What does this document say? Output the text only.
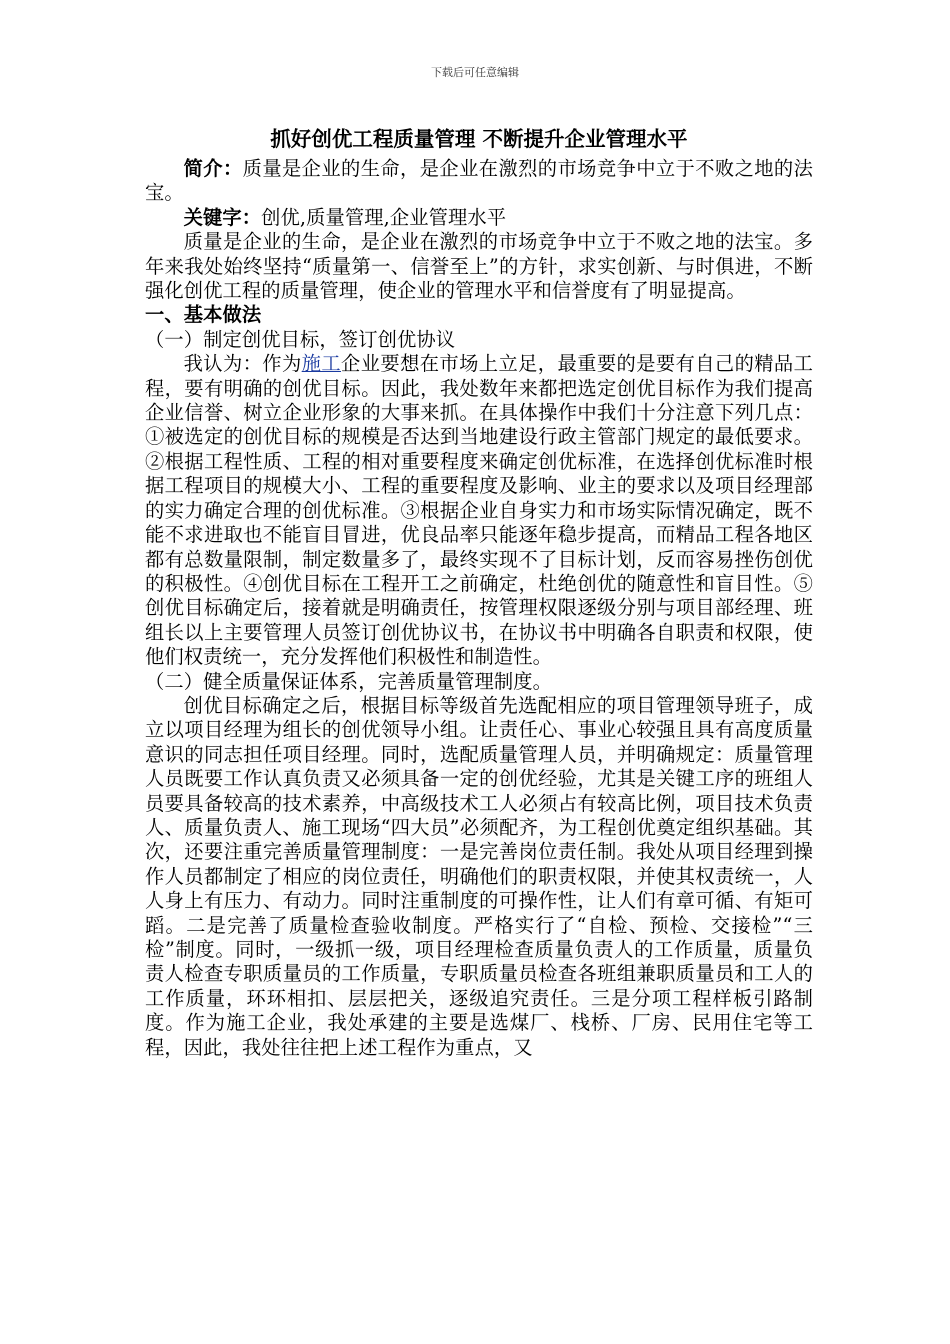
下载后可任意编辑
抓好创优工程质量管理 不断提升企业管理水平

简介：质量是企业的生命，是企业在激烈的市场竞争中立于不败之地的法宝。

关键字：创优,质量管理,企业管理水平

质量是企业的生命，是企业在激烈的市场竞争中立于不败之地的法宝。多年来我处始终坚持“质量第一、信誉至上”的方针，求实创新、与时俱进，不断强化创优工程的质量管理，使企业的管理水平和信誉度有了明显提高。

一、基本做法

（一）制定创优目标，签订创优协议

我认为：作为施工企业要想在市场上立足，最重要的是要有自己的精品工程，要有明确的创优目标。因此，我处数年来都把选定创优目标作为我们提高企业信誉、树立企业形象的大事来抓。在具体操作中我们十分注意下列几点：①被选定的创优目标的规模是否达到当地建设行政主管部门规定的最低要求。②根据工程性质、工程的相对重要程度来确定创优标准，在选择创优标准时根据工程项目的规模大小、工程的重要程度及影响、业主的要求以及项目经理部的实力确定合理的创优标准。③根据企业自身实力和市场实际情况确定，既不能不求进取也不能盲目冒进，优良品率只能逐年稳步提高，而精品工程各地区都有总数量限制，制定数量多了，最终实现不了目标计划，反而容易挫伤创优的积极性。④创优目标在工程开工之前确定，杜绝创优的随意性和盲目性。⑤创优目标确定后，接着就是明确责任，按管理权限逐级分别与项目部经理、班组长以上主要管理人员签订创优协议书，在协议书中明确各自职责和权限，使他们权责统一，充分发挥他们积极性和制造性。

（二）健全质量保证体系，完善质量管理制度。

创优目标确定之后，根据目标等级首先选配相应的项目管理领导班子，成立以项目经理为组长的创优领导小组。让责任心、事业心较强且具有高度质量意识的同志担任项目经理。同时，选配质量管理人员，并明确规定：质量管理人员既要工作认真负责又必须具备一定的创优经验，尤其是关键工序的班组人员要具备较高的技术素养，中高级技术工人必须占有较高比例，项目技术负责人、质量负责人、施工现场“四大员”必须配齐，为工程创优奠定组织基础。其次，还要注重完善质量管理制度：一是完善岗位责任制。我处从项目经理到操作人员都制定了相应的岗位责任，明确他们的职责权限，并使其权责统一，人人身上有压力、有动力。同时注重制度的可操作性，让人们有章可循、有矩可蹈。二是完善了质量检查验收制度。严格实行了“自检、预检、交接检”“三检”制度。同时，一级抓一级，项目经理检查质量负责人的工作质量，质量负责人检查专职质量员的工作质量，专职质量员检查各班组兼职质量员和工人的工作质量，环环相扣、层层把关，逐级追究责任。三是分项工程样板引路制度。作为施工企业，我处承建的主要是选煤厂、栈桥、厂房、民用住宅等工程，因此，我处往往把上述工程作为重点，又
